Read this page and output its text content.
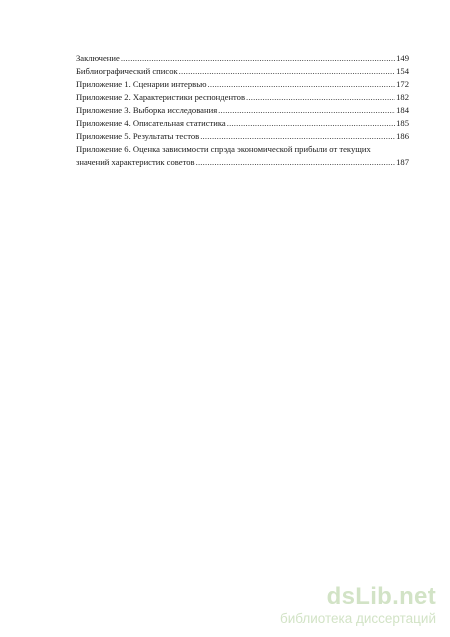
Заключение .....	149
Библиографический список .....	154
Приложение 1. Сценарии интервью .....	172
Приложение 2. Характеристики респондентов .....	182
Приложение 3. Выборка исследования .....	184
Приложение 4. Описательная статистика .....	185
Приложение 5. Результаты тестов .....	186
Приложение 6. Оценка зависимости спрэда экономической прибыли от текущих
значений характеристик советов .....	187
dsLib.net
библиотека диссертаций
